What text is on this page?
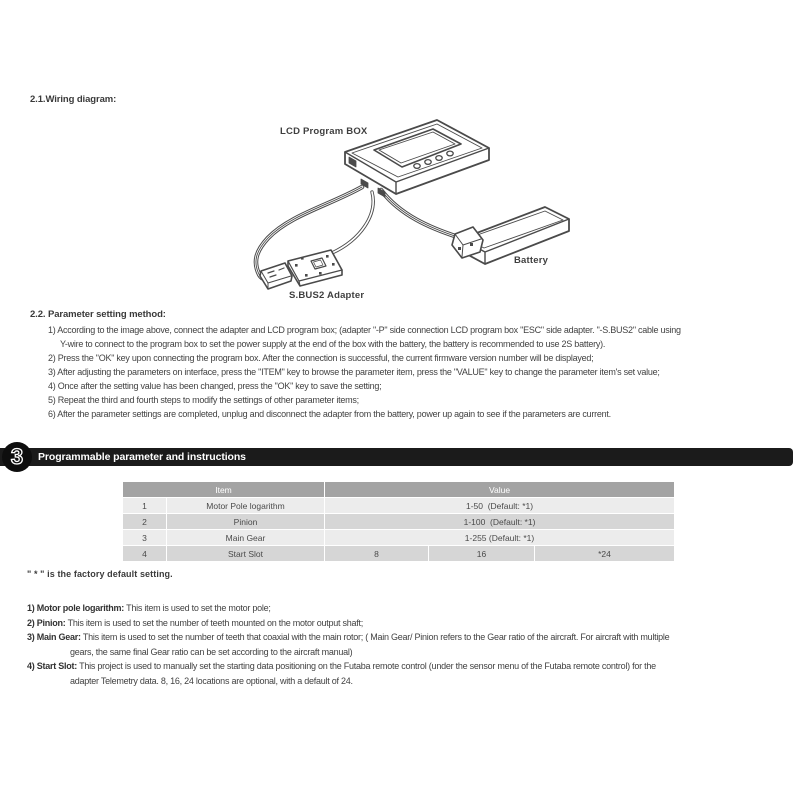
2.1.Wiring diagram:
LCD Program BOX
Battery
S.BUS2 Adapter
2.2. Parameter setting method:
1) According to the image above, connect the adapter and LCD program box; (adapter "-P" side connection LCD program box "ESC" side adapter. "-S.BUS2" cable using
Y-wire to connect to the program box to set the power supply at the end of the box with the battery, the battery is recommended to use 2S battery).
2) Press the "OK" key upon connecting the program box. After the connection is successful, the current firmware version number will be displayed;
3) After adjusting the parameters on interface, press the "ITEM" key to browse the parameter item, press the "VALUE" key to change the parameter item's set value;
4) Once after the setting value has been changed, press the "OK" key to save the setting;
5) Repeat the third and fourth steps to modify the settings of other parameter items;
6) After the parameter settings are completed, unplug and disconnect the adapter from the battery, power up again to see if the parameters are current.
3	Programmable parameter and instructions
Item		Value		
1	Motor Pole logarithm	1-50  (Default: *1)		
2	Pinion	1-100  (Default: *1)		
3	Main Gear	1-255 (Default: *1)		
4	Start Slot	8	16	*24
" * " is the factory default setting.
1) Motor pole logarithm: This item is used to set the motor pole;
2) Pinion: This item is used to set the number of teeth mounted on the motor output shaft;
3) Main Gear: This item is used to set the number of teeth that coaxial with the main rotor; ( Main Gear/ Pinion refers to the Gear ratio of the aircraft. For aircraft with multiple
gears, the same final Gear ratio can be set according to the aircraft manual)
4) Start Slot: This project is used to manually set the starting data positioning on the Futaba remote control (under the sensor menu of the Futaba remote control) for the
adapter Telemetry data. 8, 16, 24 locations are optional, with a default of 24.
